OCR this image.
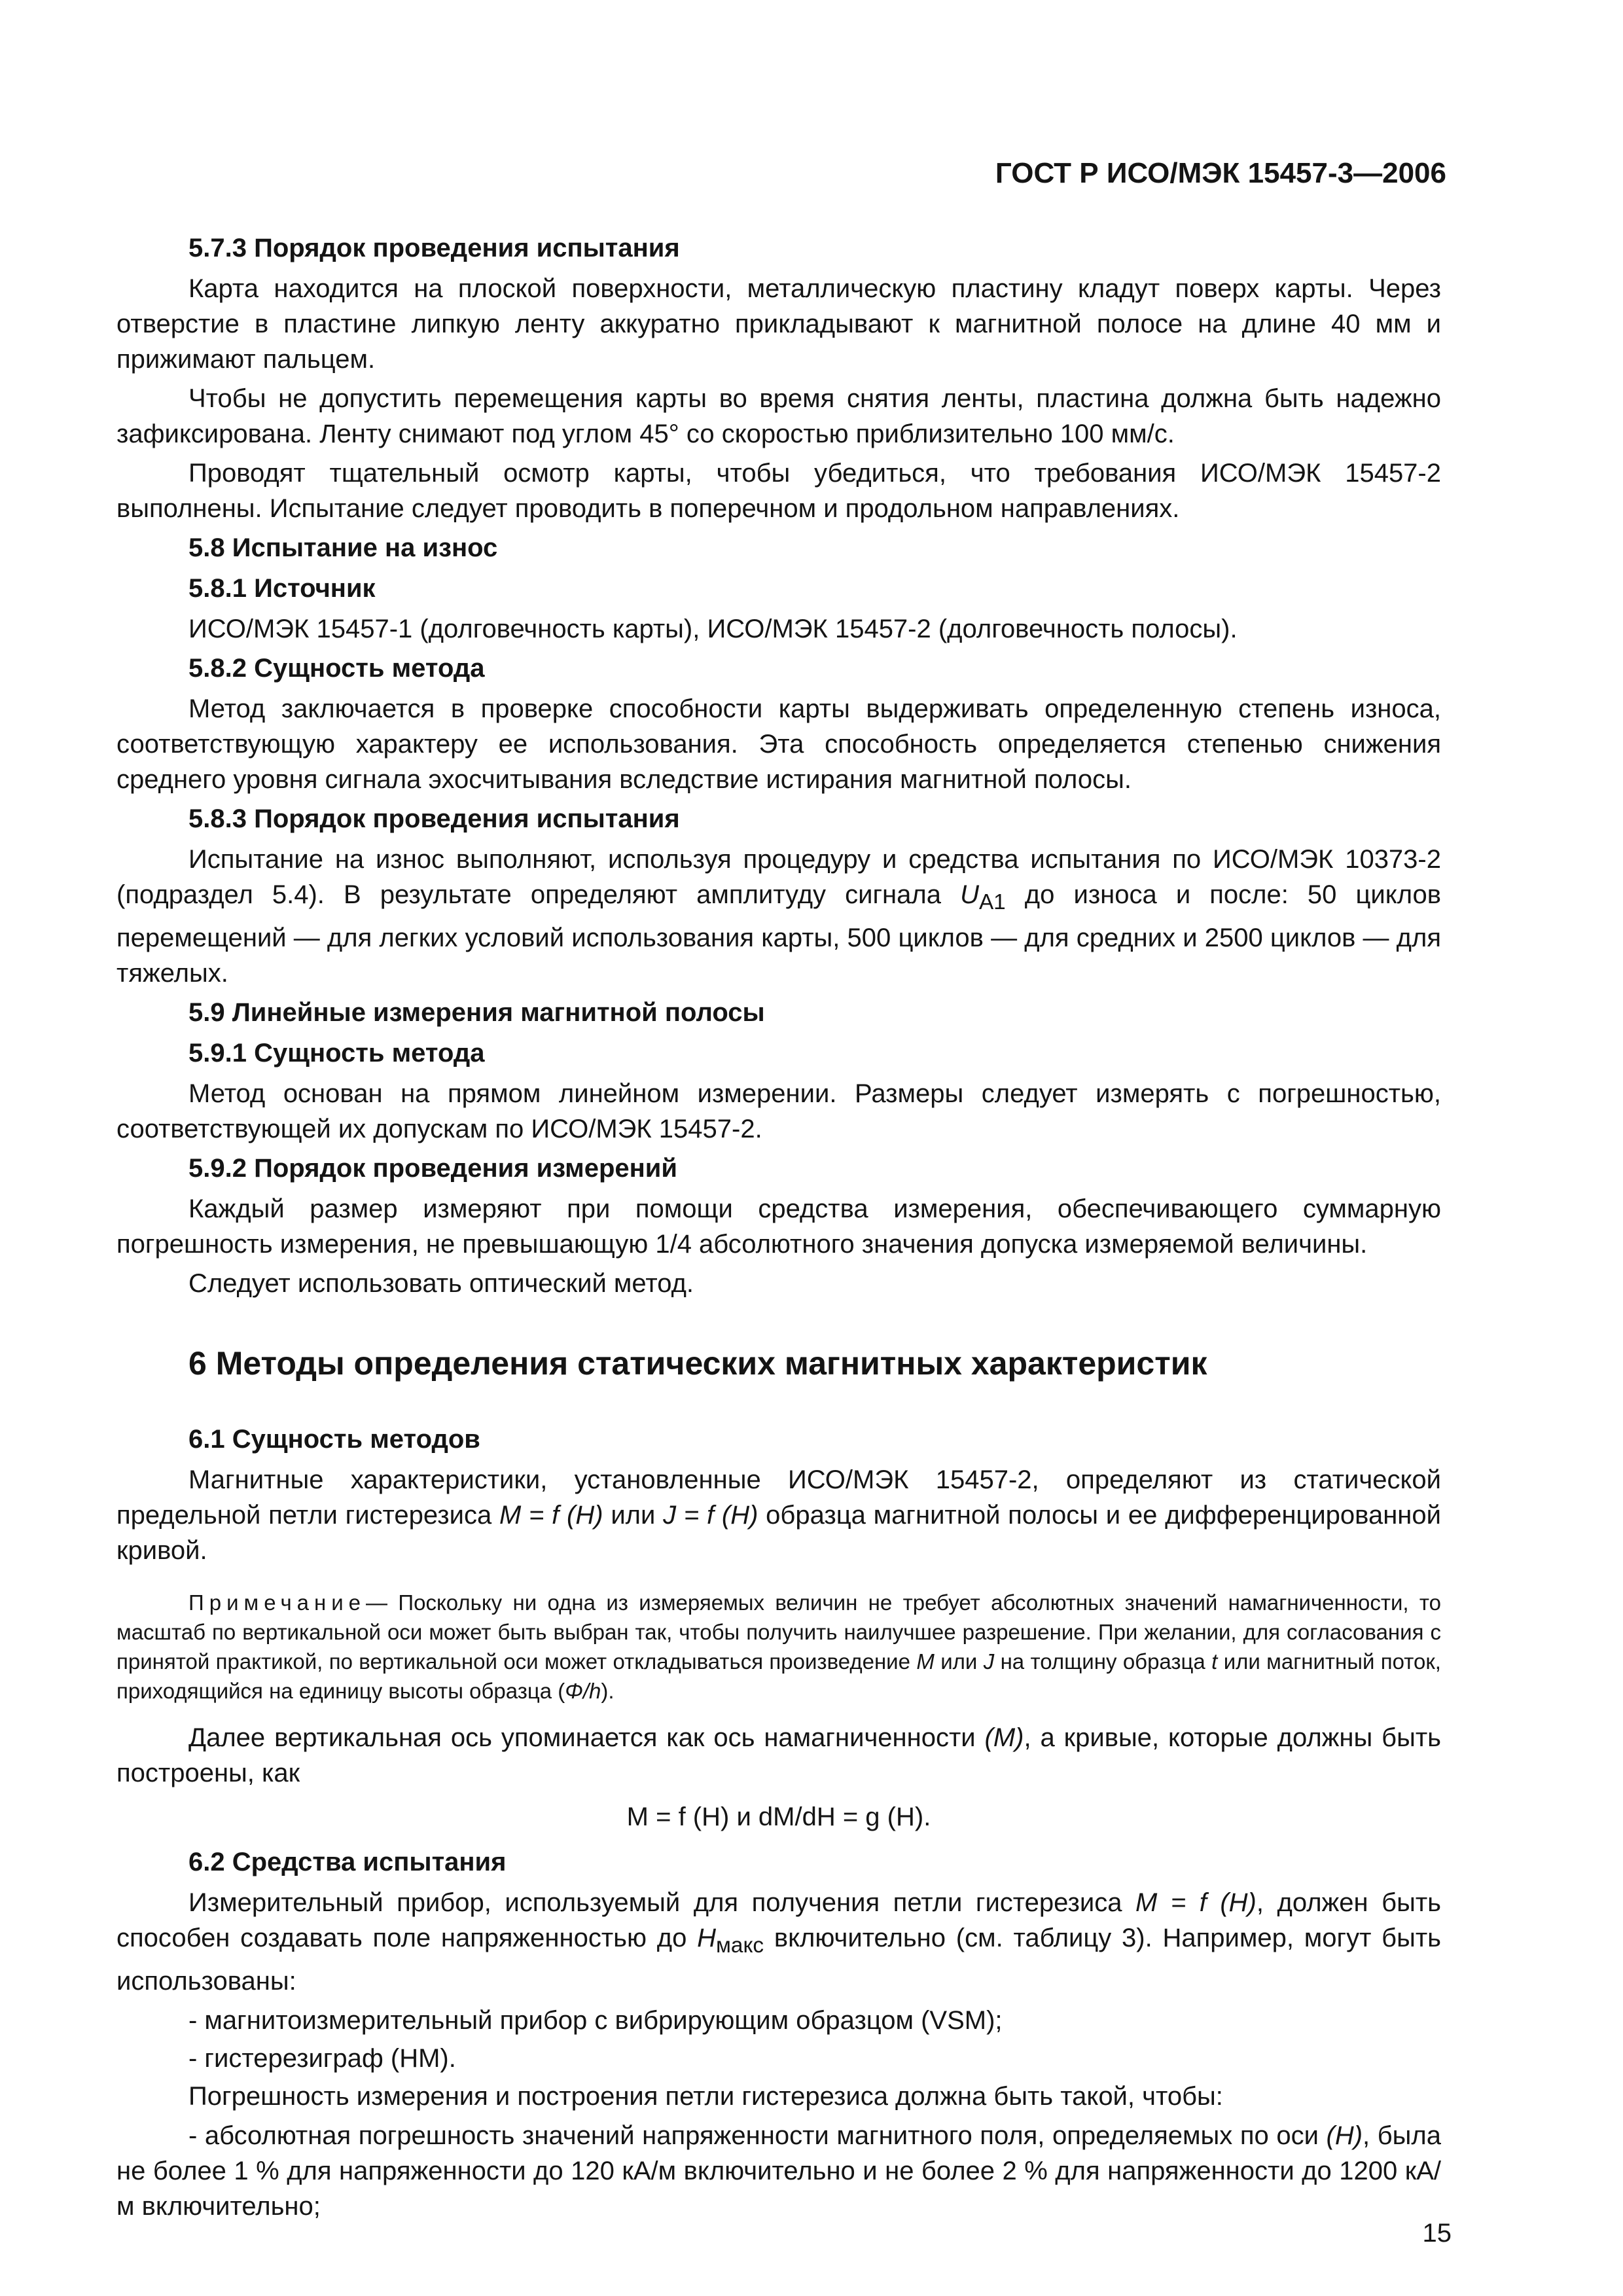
ГОСТ Р ИСО/МЭК 15457-3—2006
5.7.3 Порядок проведения испытания

Карта находится на плоской поверхности, металлическую пластину кладут поверх карты. Через отверстие в пластине липкую ленту аккуратно прикладывают к магнитной полосе на длине 40 мм и прижимают пальцем.

Чтобы не допустить перемещения карты во время снятия ленты, пластина должна быть надежно зафиксирована. Ленту снимают под углом 45° со скоростью приблизительно 100 мм/с.

Проводят тщательный осмотр карты, чтобы убедиться, что требования ИСО/МЭК 15457-2 выполнены. Испытание следует проводить в поперечном и продольном направлениях.

5.8 Испытание на износ
5.8.1 Источник

ИСО/МЭК 15457-1 (долговечность карты), ИСО/МЭК 15457-2 (долговечность полосы).

5.8.2 Сущность метода

Метод заключается в проверке способности карты выдерживать определенную степень износа, соответствующую характеру ее использования. Эта способность определяется степенью снижения среднего уровня сигнала эхосчитывания вследствие истирания магнитной полосы.

5.8.3 Порядок проведения испытания

Испытание на износ выполняют, используя процедуру и средства испытания по ИСО/МЭК 10373-2 (подраздел 5.4). В результате определяют амплитуду сигнала $U_{A1}$ до износа и после: 50 циклов перемещений — для легких условий использования карты, 500 циклов — для средних и 2500 циклов — для тяжелых.

5.9 Линейные измерения магнитной полосы
5.9.1 Сущность метода

Метод основан на прямом линейном измерении. Размеры следует измерять с погрешностью, соответствующей их допускам по ИСО/МЭК 15457-2.

5.9.2 Порядок проведения измерений

Каждый размер измеряют при помощи средства измерения, обеспечивающего суммарную погрешность измерения, не превышающую 1/4 абсолютного значения допуска измеряемой величины.

Следует использовать оптический метод.

6 Методы определения статических магнитных характеристик
6.1 Сущность методов

Магнитные характеристики, установленные ИСО/МЭК 15457-2, определяют из статической предельной петли гистерезиса M = f (H) или J = f (H) образца магнитной полосы и ее дифференцированной кривой.

Примечание— Поскольку ни одна из измеряемых величин не требует абсолютных значений намагниченности, то масштаб по вертикальной оси может быть выбран так, чтобы получить наилучшее разрешение. При желании, для согласования с принятой практикой, по вертикальной оси может откладываться произведение M или J на толщину образца t или магнитный поток, приходящийся на единицу высоты образца (Φ/h).

Далее вертикальная ось упоминается как ось намагниченности (M), а кривые, которые должны быть построены, как

M = f (H) и dM/dH = g (H).
6.2 Средства испытания

Измерительный прибор, используемый для получения петли гистерезиса M = f (H), должен быть способен создавать поле напряженностью до $H_{макс}$ включительно (см. таблицу 3). Например, могут быть использованы:

- магнитоизмерительный прибор с вибрирующим образцом (VSM);

- гистерезиграф (HM).

Погрешность измерения и построения петли гистерезиса должна быть такой, чтобы:

- абсолютная погрешность значений напряженности магнитного поля, определяемых по оси (H), была не более 1 % для напряженности до 120 кА/м включительно и не более 2 % для напряженности до 1200 кА/м включительно;

15
